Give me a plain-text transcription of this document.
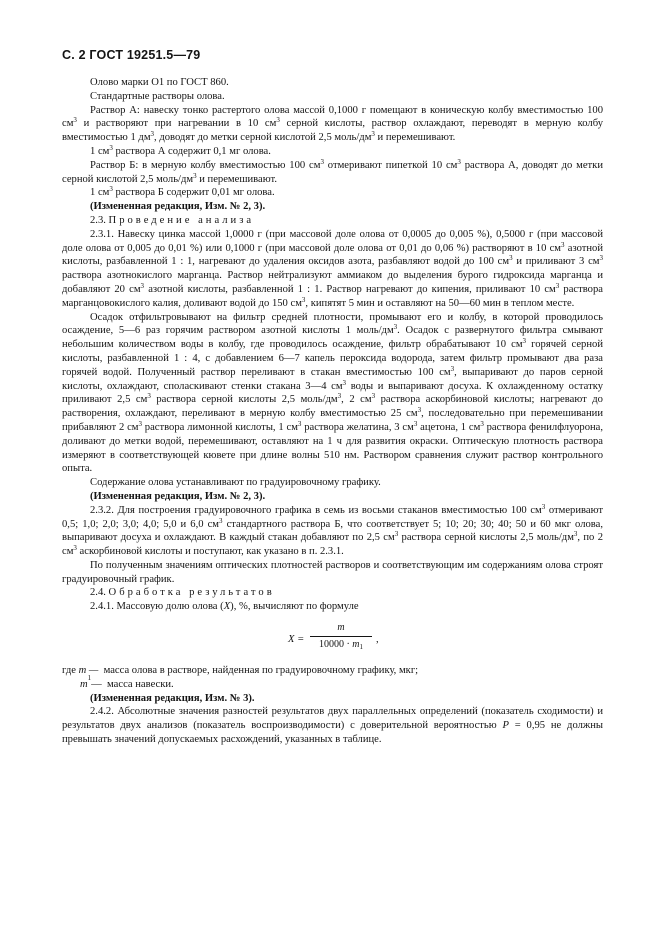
С. 2 ГОСТ 19251.5—79

Олово марки О1 по ГОСТ 860.

Стандартные растворы олова.

Раствор А: навеску тонко растертого олова массой 0,1000 г помещают в коническую колбу вместимостью 100 $см^3$ и растворяют при нагревании в 10 $см^3$ серной кислоты, раствор охлаждают, переводят в мерную колбу вместимостью 1 $дм^3$, доводят до метки серной кислотой 2,5 моль/$дм^3$ и перемешивают.

1 $см^3$ раствора А содержит 0,1 мг олова.

Раствор Б: в мерную колбу вместимостью 100 $см^3$ отмеривают пипеткой 10 $см^3$ раствора А, доводят до метки серной кислотой 2,5 моль/$дм^3$ и перемешивают.

1 $см^3$ раствора Б содержит 0,01 мг олова.

(Измененная редакция, Изм. № 2, 3).

2.3. Проведение анализа

2.3.1. Навеску цинка массой 1,0000 г (при массовой доле олова от 0,0005 до 0,005 %), 0,5000 г (при массовой доле олова от 0,005 до 0,01 %) или 0,1000 г (при массовой доле олова от 0,01 до 0,06 %) растворяют в 10 $см^3$ азотной кислоты, разбавленной 1 : 1, нагревают до удаления оксидов азота, разбавляют водой до 100 $см^3$ и приливают 3 $см^3$ раствора азотнокислого марганца. Раствор нейтрализуют аммиаком до выделения бурого гидроксида марганца и добавляют 20 $см^3$ азотной кислоты, разбавленной 1 : 1. Раствор нагревают до кипения, приливают 10 $см^3$ раствора марганцовокислого калия, доливают водой до 150 $см^3$, кипятят 5 мин и оставляют на 50—60 мин в теплом месте.

Осадок отфильтровывают на фильтр средней плотности, промывают его и колбу, в которой проводилось осаждение, 5—6 раз горячим раствором азотной кислоты 1 моль/$дм^3$. Осадок с развернутого фильтра смывают небольшим количеством воды в колбу, где проводилось осаждение, фильтр обрабатывают 10 $см^3$ горячей серной кислоты, разбавленной 1 : 4, с добавлением 6—7 капель пероксида водорода, затем фильтр промывают два раза горячей водой. Полученный раствор переливают в стакан вместимостью 100 $см^3$, выпаривают до паров серной кислоты, охлаждают, споласкивают стенки стакана 3—4 $см^3$ воды и выпаривают досуха. К охлажденному остатку приливают 2,5 $см^3$ раствора серной кислоты 2,5 моль/$дм^3$, 2 $см^3$ раствора аскорбиновой кислоты; нагревают до растворения, охлаждают, переливают в мерную колбу вместимостью 25 $см^3$, последовательно при перемешивании прибавляют 2 $см^3$ раствора лимонной кислоты, 1 $см^3$ раствора желатина, 3 $см^3$ ацетона, 1 $см^3$ раствора фенилфлуорона, доливают до метки водой, перемешивают, оставляют на 1 ч для развития окраски. Оптическую плотность раствора измеряют в соответствующей кювете при длине волны 510 нм. Раствором сравнения служит раствор контрольного опыта.

Содержание олова устанавливают по градуировочному графику.

(Измененная редакция, Изм. № 2, 3).

2.3.2. Для построения градуировочного графика в семь из восьми стаканов вместимостью 100 $см^3$ отмеривают 0,5; 1,0; 2,0; 3,0; 4,0; 5,0 и 6,0 $см^3$ стандартного раствора Б, что соответствует 5; 10; 20; 30; 40; 50 и 60 мкг олова, выпаривают досуха и охлаждают. В каждый стакан добавляют по 2,5 $см^3$ раствора серной кислоты 2,5 моль/$дм^3$, по 2 $см^3$ аскорбиновой кислоты и поступают, как указано в п. 2.3.1.

По полученным значениям оптических плотностей растворов и соответствующим им содержаниям олова строят градуировочный график.

2.4. Обработка результатов

2.4.1. Массовую долю олова (X), %, вычисляют по формуле

$X = \frac{m}{10000 \cdot m_1}$ ,
где
m —
масса олова в растворе, найденная по градуировочному графику, мкг;
m
1
—
масса навески.

(Измененная редакция, Изм. № 3).

2.4.2. Абсолютные значения разностей результатов двух параллельных определений (показатель сходимости) и результатов двух анализов (показатель воспроизводимости) с доверительной вероятностью P = 0,95 не должны превышать значений допускаемых расхождений, указанных в таблице.
